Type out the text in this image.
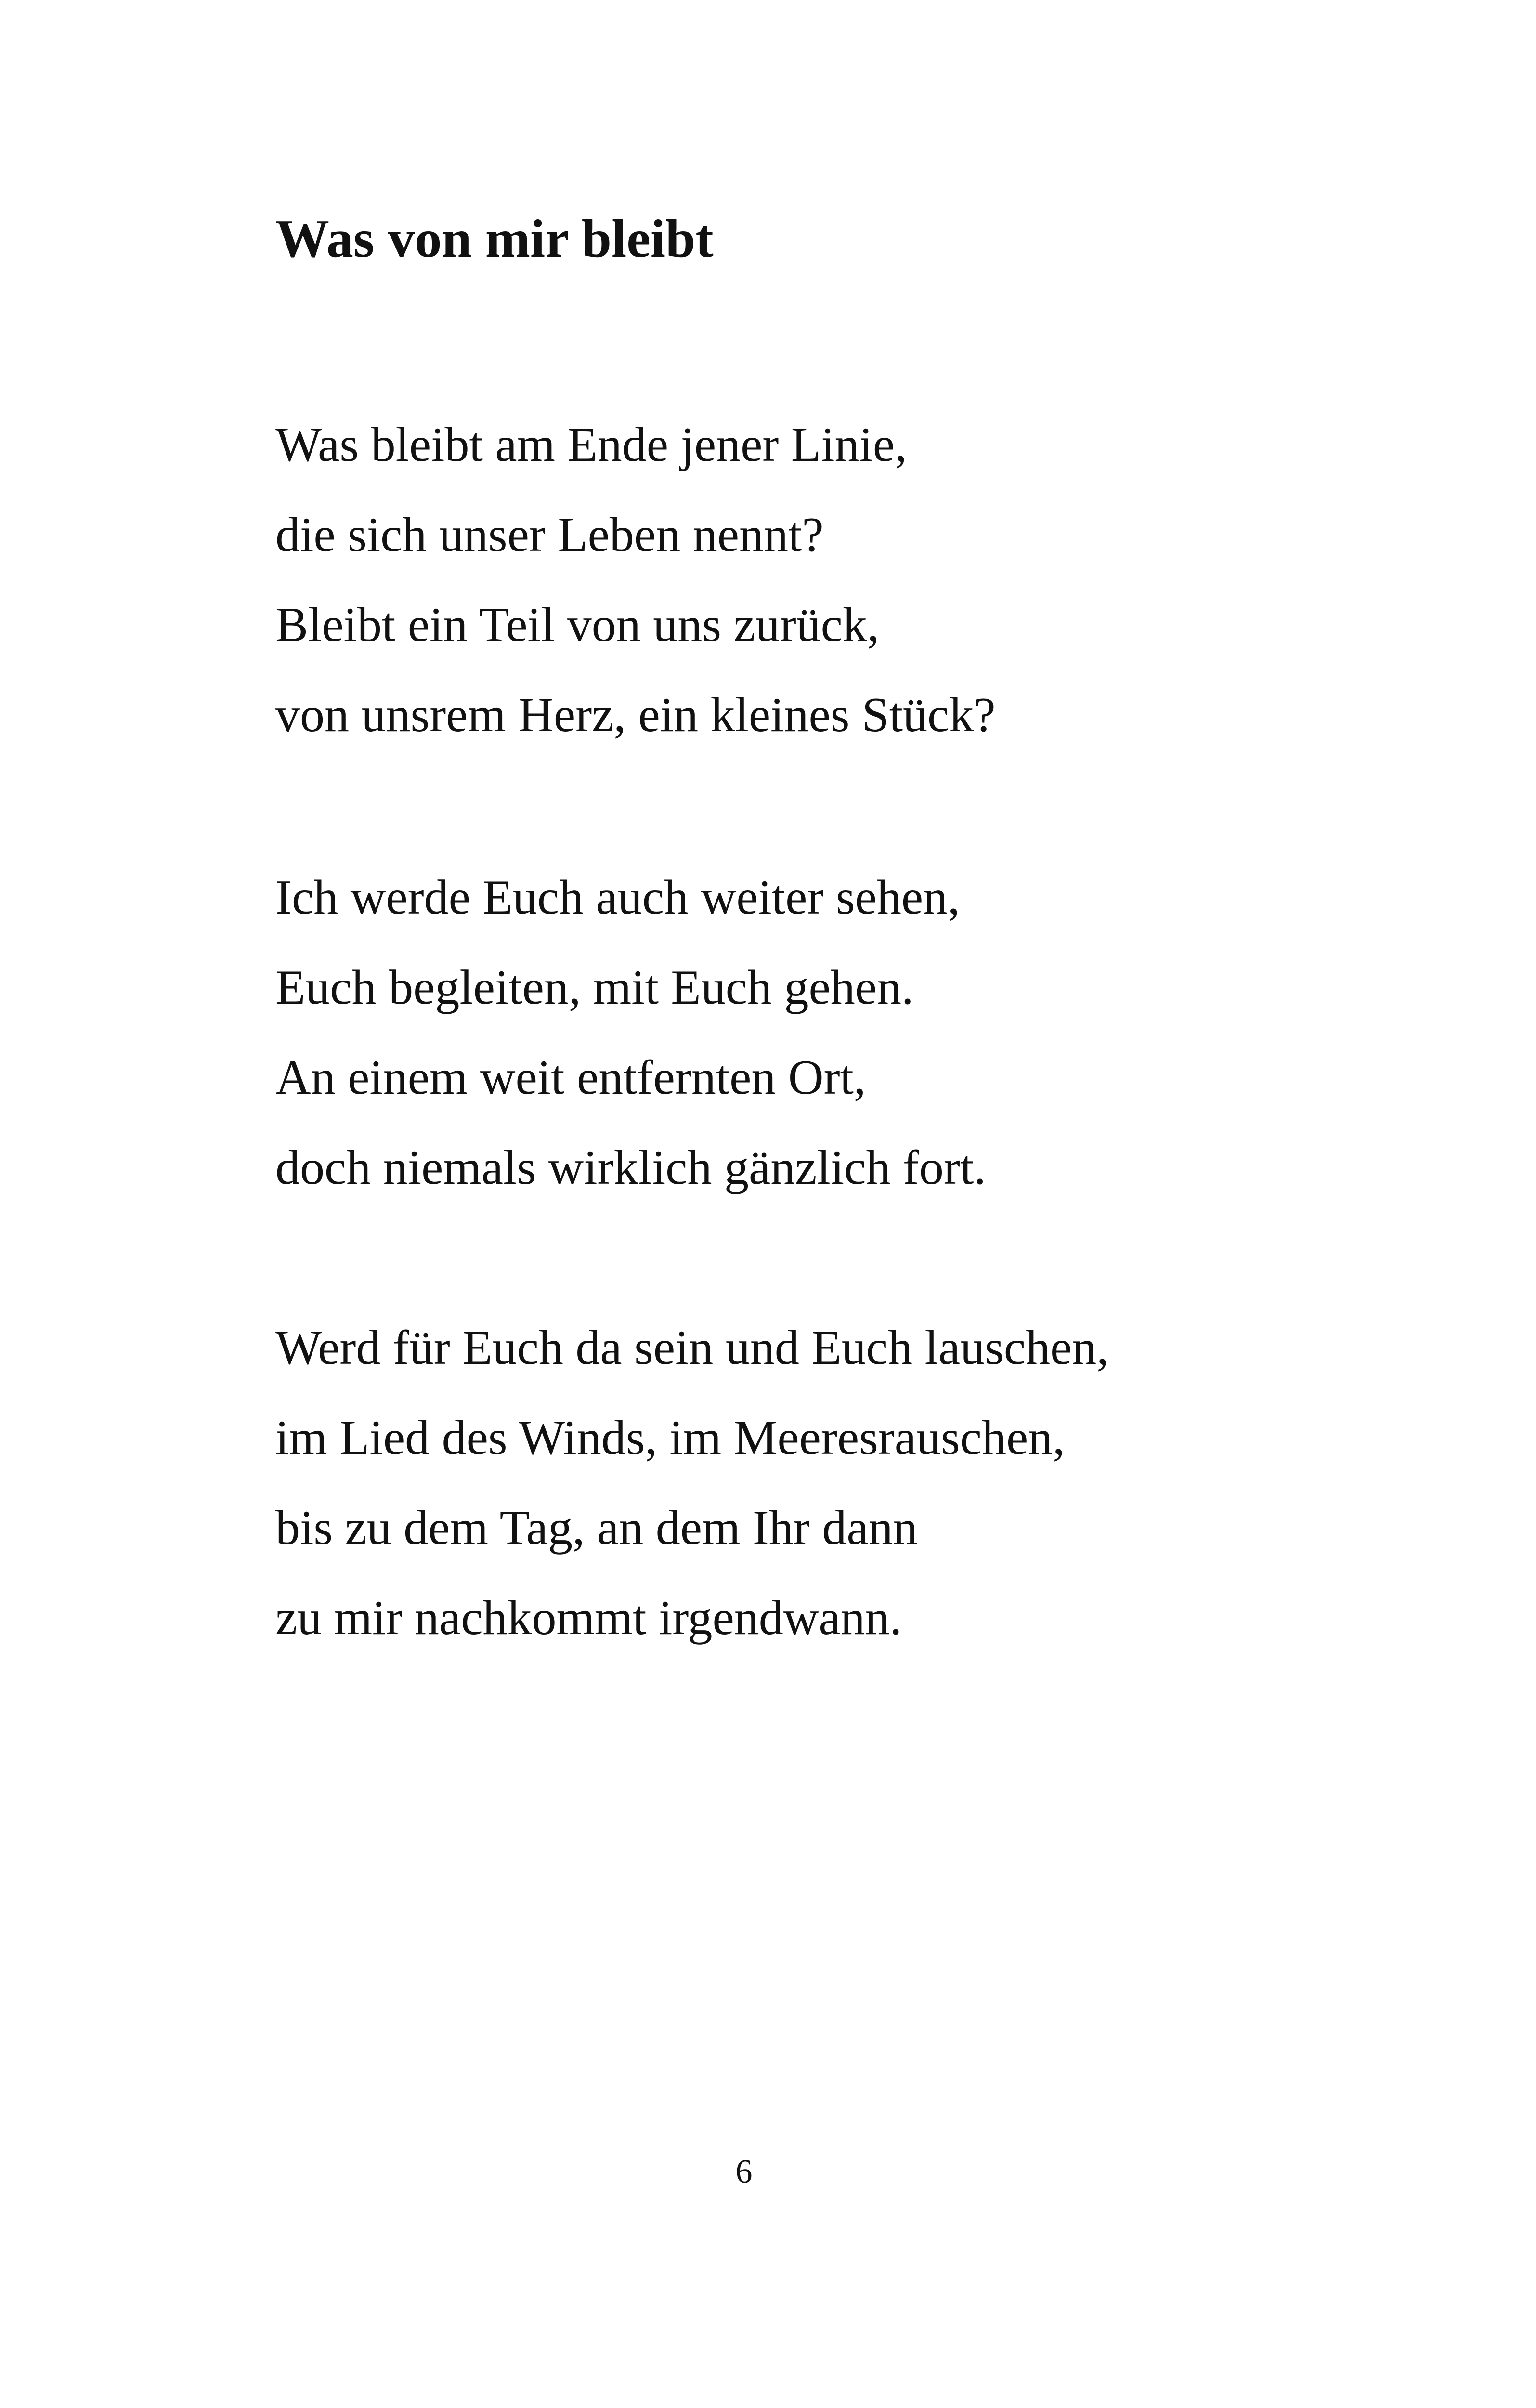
Was von mir bleibt
Was bleibt am Ende jener Linie,
die sich unser Leben nennt?
Bleibt ein Teil von uns zurück,
von unsrem Herz, ein kleines Stück?
Ich werde Euch auch weiter sehen,
Euch begleiten, mit Euch gehen.
An einem weit entfernten Ort,
doch niemals wirklich gänzlich fort.
Werd für Euch da sein und Euch lauschen,
im Lied des Winds, im Meeresrauschen,
bis zu dem Tag, an dem Ihr dann
zu mir nachkommt irgendwann.
6
